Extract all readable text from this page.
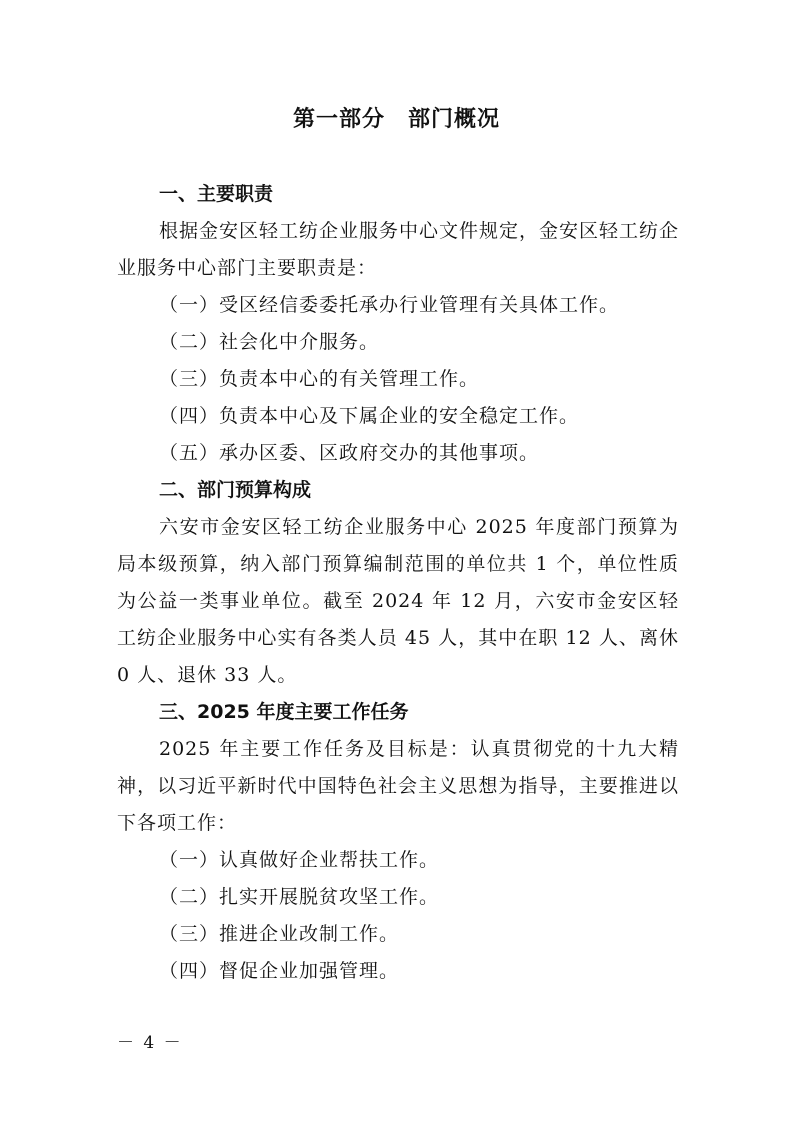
第一部分　部门概况

一、主要职责

根据金安区轻工纺企业服务中心文件规定，金安区轻工纺企业服务中心部门主要职责是：

（一）受区经信委委托承办行业管理有关具体工作。

（二）社会化中介服务。

（三）负责本中心的有关管理工作。

（四）负责本中心及下属企业的安全稳定工作。

（五）承办区委、区政府交办的其他事项。

二、部门预算构成

六安市金安区轻工纺企业服务中心 2025 年度部门预算为局本级预算，纳入部门预算编制范围的单位共 1 个，单位性质为公益一类事业单位。截至 2024 年 12 月，六安市金安区轻工纺企业服务中心实有各类人员 45 人，其中在职 12 人、离休 0 人、退休 33 人。

三、2025 年度主要工作任务

2025 年主要工作任务及目标是：认真贯彻党的十九大精神，以习近平新时代中国特色社会主义思想为指导，主要推进以下各项工作：

（一）认真做好企业帮扶工作。

（二）扎实开展脱贫攻坚工作。

（三）推进企业改制工作。

（四）督促企业加强管理。

－ 4 －
